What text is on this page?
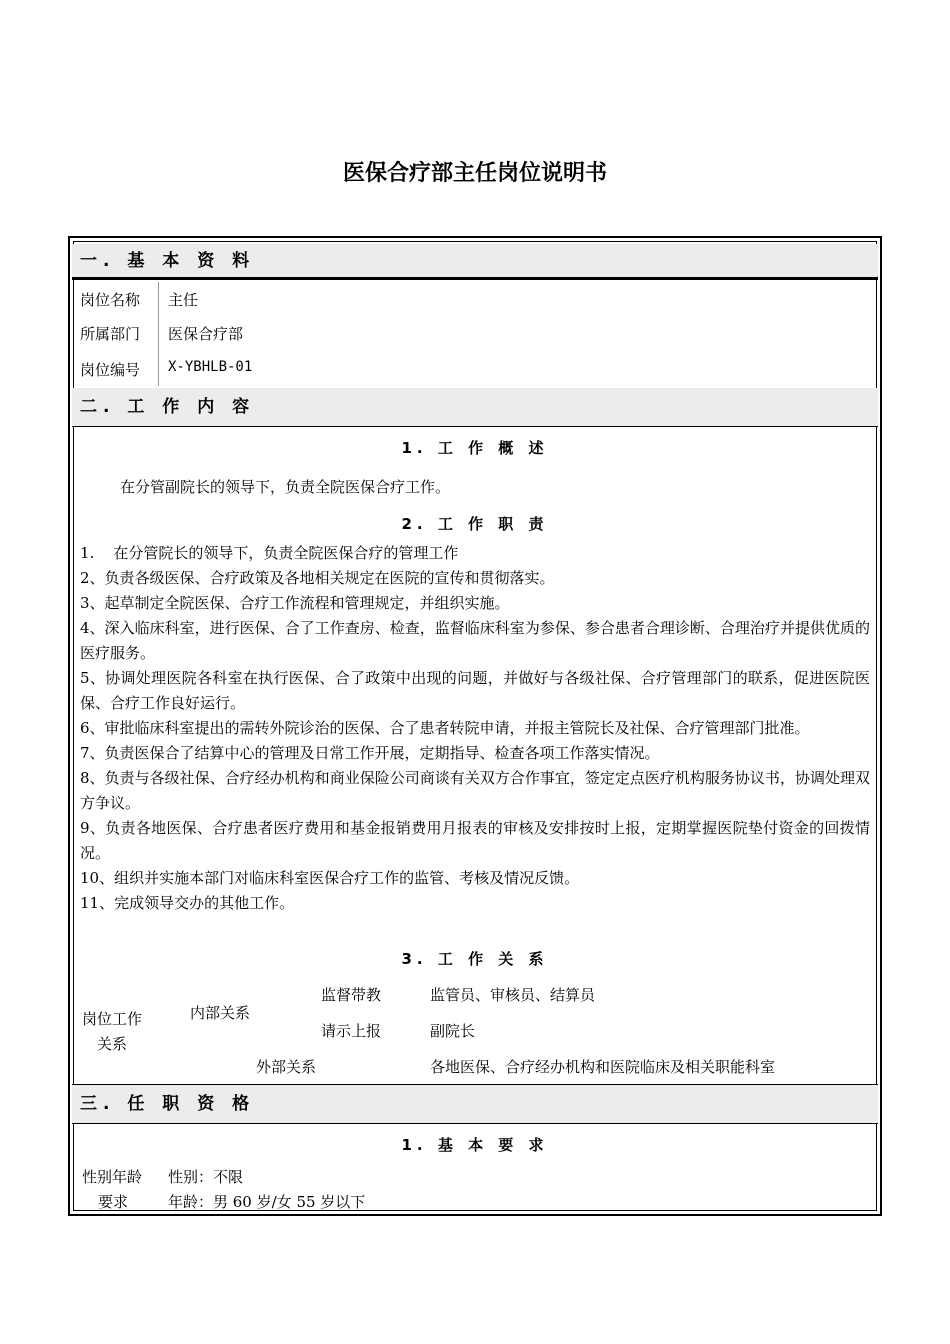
医保合疗部主任岗位说明书
一. 基 本 资 料
岗位名称 主任
所属部门 医保合疗部
岗位编号 X-YBHLB-01
二. 工 作 内 容
1. 工 作 概 述
在分管副院长的领导下，负责全院医保合疗工作。
2. 工 作 职 责
1.    在分管院长的领导下，负责全院医保合疗的管理工作
2、负责各级医保、合疗政策及各地相关规定在医院的宣传和贯彻落实。
3、起草制定全院医保、合疗工作流程和管理规定，并组织实施。
4、深入临床科室，进行医保、合了工作查房、检查，监督临床科室为参保、参合患者合理诊断、合理治疗并提供优质的医疗服务。
5、协调处理医院各科室在执行医保、合了政策中出现的问题，并做好与各级社保、合疗管理部门的联系，促进医院医保、合疗工作良好运行。
6、审批临床科室提出的需转外院诊治的医保、合了患者转院申请，并报主管院长及社保、合疗管理部门批准。
7、负责医保合了结算中心的管理及日常工作开展，定期指导、检查各项工作落实情况。
8、负责与各级社保、合疗经办机构和商业保险公司商谈有关双方合作事宜，签定定点医疗机构服务协议书，协调处理双方争议。
9、负责各地医保、合疗患者医疗费用和基金报销费用月报表的审核及安排按时上报，定期掌握医院垫付资金的回拨情况。
10、组织并实施本部门对临床科室医保合疗工作的监管、考核及情况反馈。
11、完成领导交办的其他工作。
3. 工 作 关 系
岗位工作
关系
内部关系
监督带教	监管员、审核员、结算员
请示上报	副院长
外部关系	各地医保、合疗经办机构和医院临床及相关职能科室
三. 任 职 资 格
1. 基 本 要 求
性别年龄
要求
性别：不限
年龄：男 60 岁/女 55 岁以下
